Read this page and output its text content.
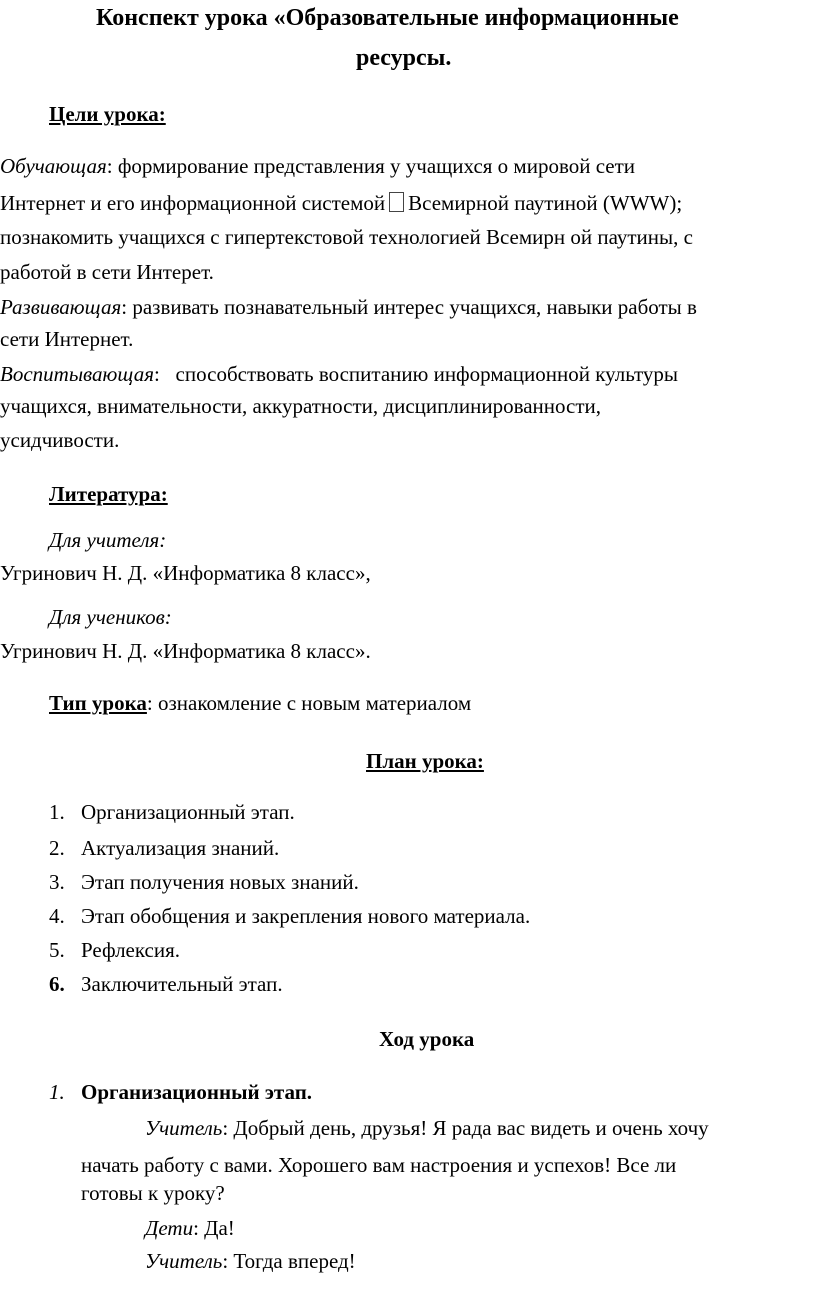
Конспект урока «Образовательные информационные
ресурсы.
Цели урока:
Обучающая: формирование представления у учащихся о мировой сети
Интернет и его информационной системой Всемирной паутиной (WWW);
познакомить учащихся с гипертекстовой технологией Всемирн ой паутины, с
работой в сети Интерет.
Развивающая: развивать познавательный интерес учащихся, навыки работы в
сети Интернет.
Воспитывающая:   способствовать воспитанию информационной культуры
учащихся, внимательности, аккуратности, дисциплинированности,
усидчивости.
Литература:
Для учителя:
Угринович Н. Д. «Информатика 8 класс»,
Для учеников:
Угринович Н. Д. «Информатика 8 класс».
Тип урока: ознакомление с новым материалом
План урока:
1. Организационный этап.
2. Актуализация знаний.
3. Этап получения новых знаний.
4. Этап обобщения и закрепления нового материала.
5. Рефлексия.
6. Заключительный этап.
Ход урока
1. Организационный этап.
Учитель: Добрый день, друзья! Я рада вас видеть и очень хочу
начать работу с вами. Хорошего вам настроения и успехов! Все ли
готовы к уроку?
Дети: Да!
Учитель: Тогда вперед!
